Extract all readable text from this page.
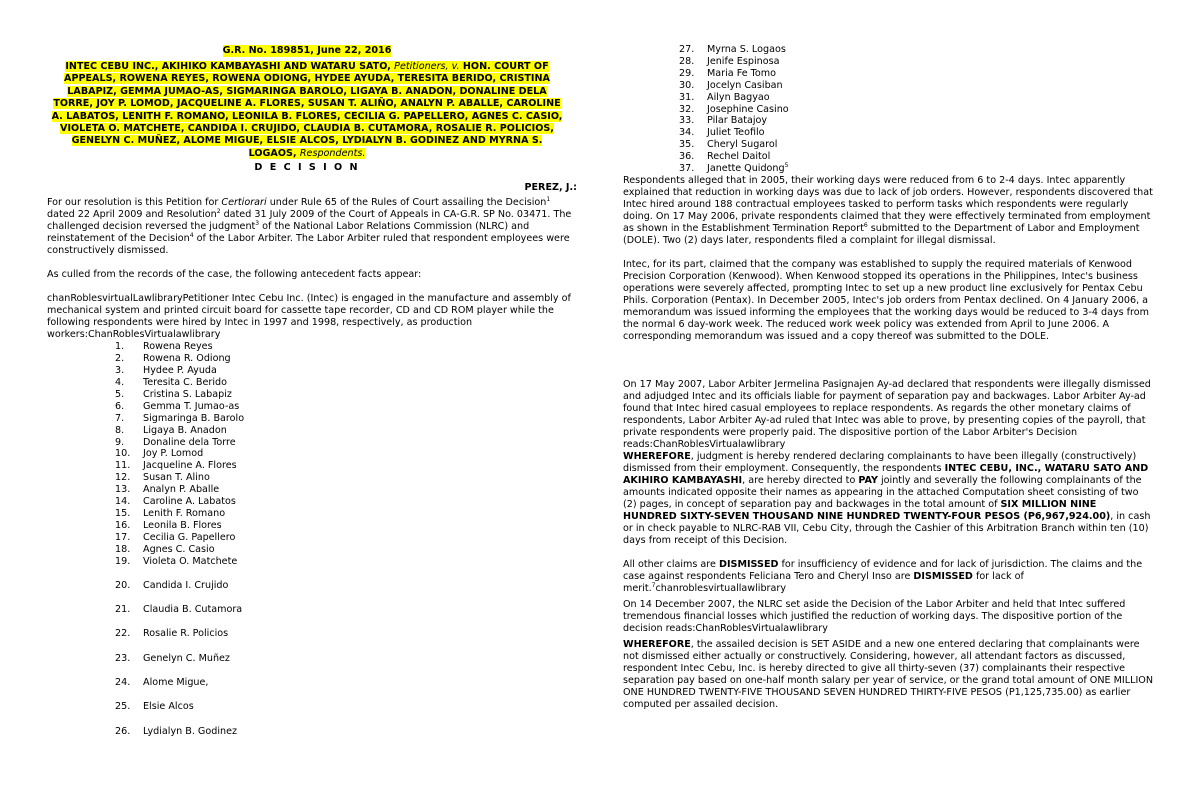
G.R. No. 189851, June 22, 2016
INTEC CEBU INC., AKIHIKO KAMBAYASHI AND WATARU SATO, Petitioners, v. HON. COURT OF APPEALS, ROWENA REYES, ROWENA ODIONG, HYDEE AYUDA, TERESITA BERIDO, CRISTINA LABAPIZ, GEMMA JUMAO-AS, SIGMARINGA BAROLO, LIGAYA B. ANADON, DONALINE DELA TORRE, JOY P. LOMOD, JACQUELINE A. FLORES, SUSAN T. ALIÑO, ANALYN P. ABALLE, CAROLINE A. LABATOS, LENITH F. ROMANO, LEONILA B. FLORES, CECILIA G. PAPELLERO, AGNES C. CASIO, VIOLETA O. MATCHETE, CANDIDA I. CRUJIDO, CLAUDIA B. CUTAMORA, ROSALIE R. POLICIOS, GENELYN C. MUÑEZ, ALOME MIGUE, ELSIE ALCOS, LYDIALYN B. GODINEZ AND MYRNA S. LOGAOS, Respondents.
D E C I S I O N
PEREZ, J.:

For our resolution is this Petition for Certiorari under Rule 65 of the Rules of Court assailing the Decision$^1$ dated 22 April 2009 and Resolution$^2$ dated 31 July 2009 of the Court of Appeals in CA-G.R. SP No. 03471. The challenged decision reversed the judgment$^3$ of the National Labor Relations Commission (NLRC) and reinstatement of the Decision$^4$ of the Labor Arbiter. The Labor Arbiter ruled that respondent employees were constructively dismissed.

As culled from the records of the case, the following antecedent facts appear:

chanRoblesvirtualLawlibraryPetitioner Intec Cebu Inc. (Intec) is engaged in the manufacture and assembly of mechanical system and printed circuit board for cassette tape recorder, CD and CD ROM player while the following respondents were hired by Intec in 1997 and 1998, respectively, as production workers:ChanRoblesVirtualawlibrary

1. Rowena Reyes
2. Rowena R. Odiong
3. Hydee P. Ayuda
4. Teresita C. Berido
5. Cristina S. Labapiz
6. Gemma T. Jumao-as
7. Sigmaringa B. Barolo
8. Ligaya B. Anadon
9. Donaline dela Torre
10. Joy P. Lomod
11. Jacqueline A. Flores
12. Susan T. Alino
13. Analyn P. Aballe
14. Caroline A. Labatos
15. Lenith F. Romano
16. Leonila B. Flores
17. Cecilia G. Papellero
18. Agnes C. Casio
19. Violeta O. Matchete
20. Candida I. Crujido
21. Claudia B. Cutamora
22. Rosalie R. Policios
23. Genelyn C. Muñez
24. Alome Migue,
25. Elsie Alcos
26. Lydialyn B. Godinez
27. Myrna S. Logaos
28. Jenife Espinosa
29. Maria Fe Tomo
30. Jocelyn Casiban
31. Ailyn Bagyao
32. Josephine Casino
33. Pilar Batajoy
34. Juliet Teofilo
35. Cheryl Sugarol
36. Rechel Daitol
37. Janette Quidong$^5$

Respondents alleged that in 2005, their working days were reduced from 6 to 2-4 days. Intec apparently explained that reduction in working days was due to lack of job orders. However, respondents discovered that Intec hired around 188 contractual employees tasked to perform tasks which respondents were regularly doing. On 17 May 2006, private respondents claimed that they were effectively terminated from employment as shown in the Establishment Termination Report$^6$ submitted to the Department of Labor and Employment (DOLE). Two (2) days later, respondents filed a complaint for illegal dismissal.

Intec, for its part, claimed that the company was established to supply the required materials of Kenwood Precision Corporation (Kenwood). When Kenwood stopped its operations in the Philippines, Intec's business operations were severely affected, prompting Intec to set up a new product line exclusively for Pentax Cebu Phils. Corporation (Pentax). In December 2005, Intec's job orders from Pentax declined. On 4 January 2006, a memorandum was issued informing the employees that the working days would be reduced to 3-4 days from the normal 6 day-work week. The reduced work week policy was extended from April to June 2006. A corresponding memorandum was issued and a copy thereof was submitted to the DOLE.

On 17 May 2007, Labor Arbiter Jermelina Pasignajen Ay-ad declared that respondents were illegally dismissed and adjudged Intec and its officials liable for payment of separation pay and backwages. Labor Arbiter Ay-ad found that Intec hired casual employees to replace respondents. As regards the other monetary claims of respondents, Labor Arbiter Ay-ad ruled that Intec was able to prove, by presenting copies of the payroll, that private respondents were properly paid. The dispositive portion of the Labor Arbiter's Decision reads:ChanRoblesVirtualawlibrary

WHEREFORE, judgment is hereby rendered declaring complainants to have been illegally (constructively) dismissed from their employment. Consequently, the respondents INTEC CEBU, INC., WATARU SATO AND AKIHIRO KAMBAYASHI, are hereby directed to PAY jointly and severally the following complainants of the amounts indicated opposite their names as appearing in the attached Computation sheet consisting of two (2) pages, in concept of separation pay and backwages in the total amount of SIX MILLION NINE HUNDRED SIXTY-SEVEN THOUSAND NINE HUNDRED TWENTY-FOUR PESOS (P6,967,924.00), in cash or in check payable to NLRC-RAB VII, Cebu City, through the Cashier of this Arbitration Branch within ten (10) days from receipt of this Decision.

All other claims are DISMISSED for insufficiency of evidence and for lack of jurisdiction. The claims and the case against respondents Feliciana Tero and Cheryl Inso are DISMISSED for lack of merit.$^7$chanroblesvirtuallawlibrary

On 14 December 2007, the NLRC set aside the Decision of the Labor Arbiter and held that Intec suffered tremendous financial losses which justified the reduction of working days. The dispositive portion of the decision reads:ChanRoblesVirtualawlibrary

WHEREFORE, the assailed decision is SET ASIDE and a new one entered declaring that complainants were not dismissed either actually or constructively. Considering, however, all attendant factors as discussed, respondent Intec Cebu, Inc. is hereby directed to give all thirty-seven (37) complainants their respective separation pay based on one-half month salary per year of service, or the grand total amount of ONE MILLION ONE HUNDRED TWENTY-FIVE THOUSAND SEVEN HUNDRED THIRTY-FIVE PESOS (P1,125,735.00) as earlier computed per assailed decision.
